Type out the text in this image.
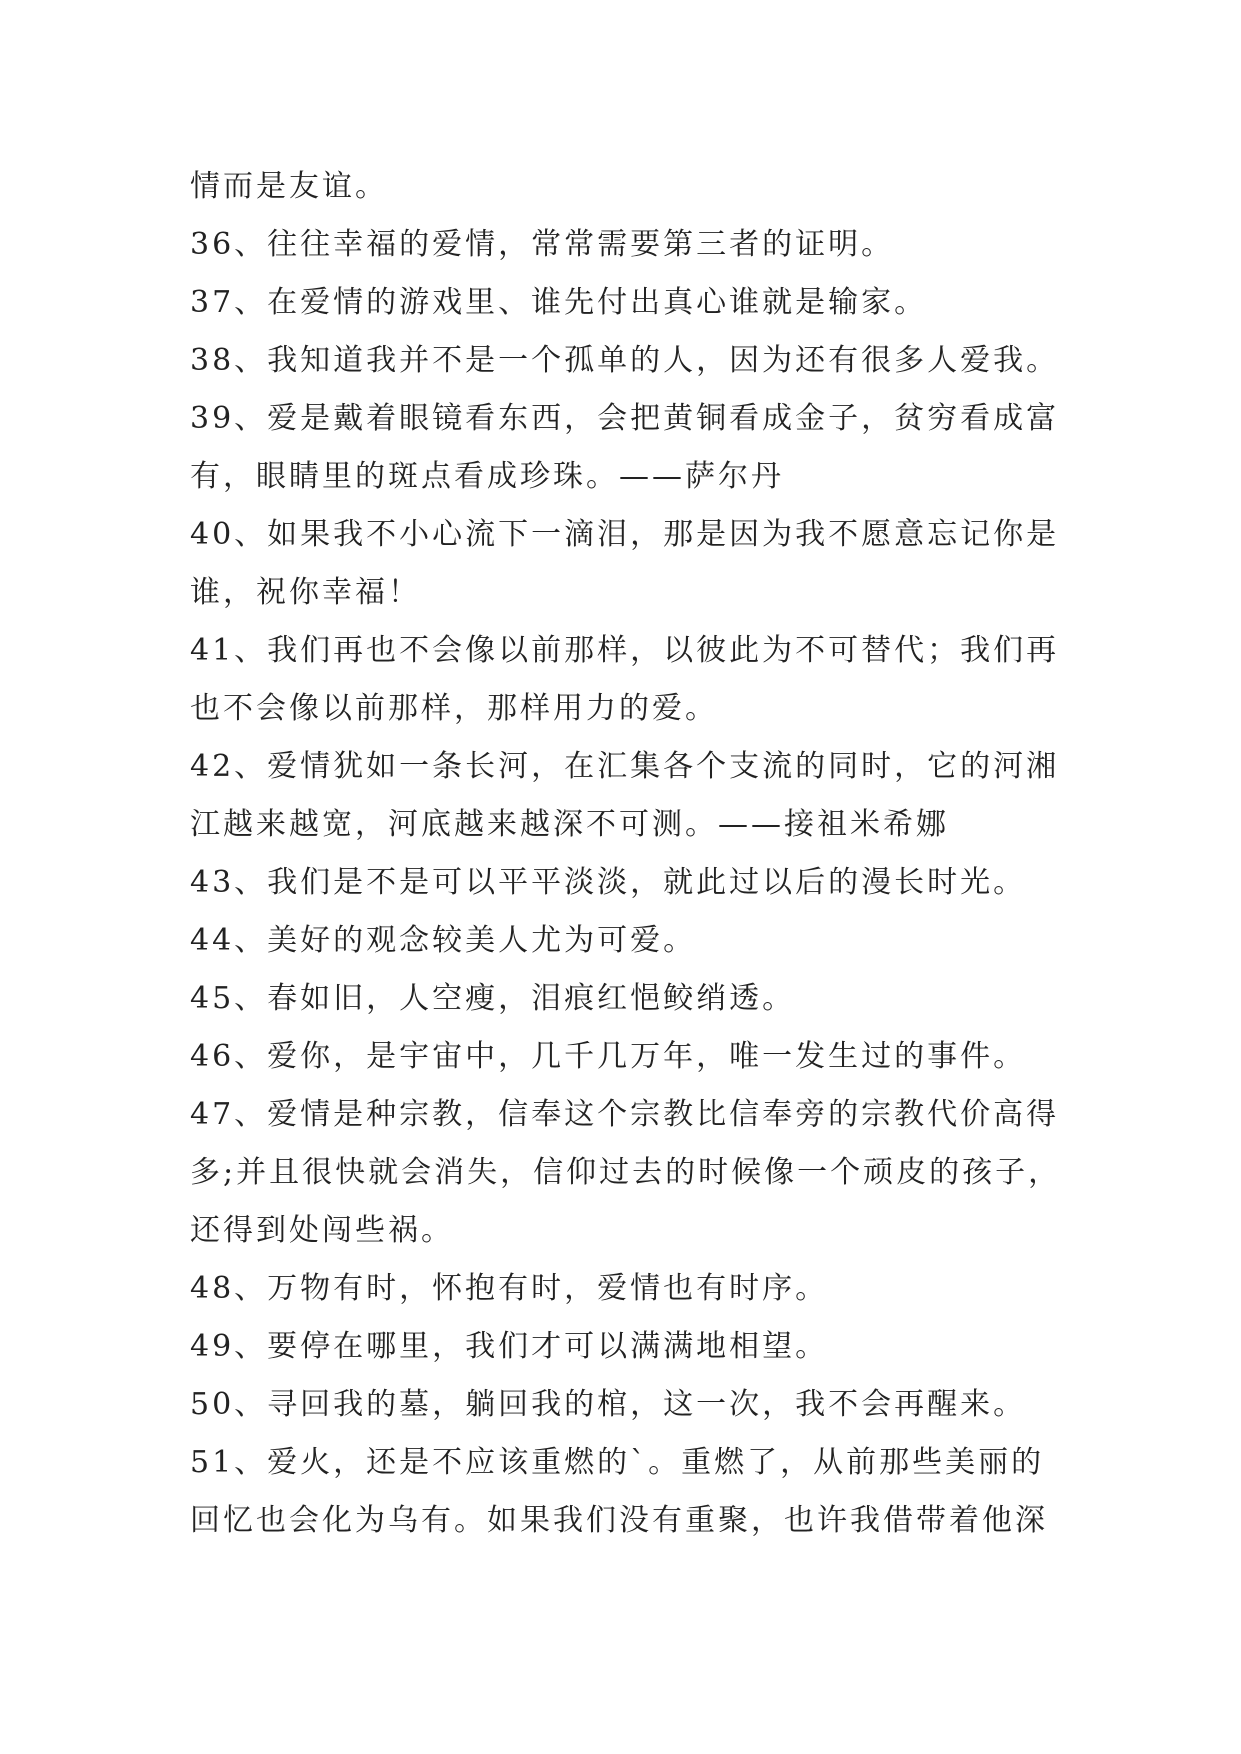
情而是友谊。
36、往往幸福的爱情，常常需要第三者的证明。
37、在爱情的游戏里、谁先付出真心谁就是输家。
38、我知道我并不是一个孤单的人，因为还有很多人爱我。
39、爱是戴着眼镜看东西，会把黄铜看成金子，贫穷看成富
有，眼睛里的斑点看成珍珠。——萨尔丹
40、如果我不小心流下一滴泪，那是因为我不愿意忘记你是
谁，祝你幸福！
41、我们再也不会像以前那样，以彼此为不可替代；我们再
也不会像以前那样，那样用力的爱。
42、爱情犹如一条长河，在汇集各个支流的同时，它的河湘
江越来越宽，河底越来越深不可测。——接祖米希娜
43、我们是不是可以平平淡淡，就此过以后的漫长时光。
44、美好的观念较美人尤为可爱。
45、春如旧，人空瘦，泪痕红悒鲛绡透。
46、爱你，是宇宙中，几千几万年，唯一发生过的事件。
47、爱情是种宗教，信奉这个宗教比信奉旁的宗教代价高得
多;并且很快就会消失，信仰过去的时候像一个顽皮的孩子，
还得到处闯些祸。
48、万物有时，怀抱有时，爱情也有时序。
49、要停在哪里，我们才可以满满地相望。
50、寻回我的墓，躺回我的棺，这一次，我不会再醒来。
51、爱火，还是不应该重燃的`。重燃了，从前那些美丽的
回忆也会化为乌有。如果我们没有重聚，也许我借带着他深
